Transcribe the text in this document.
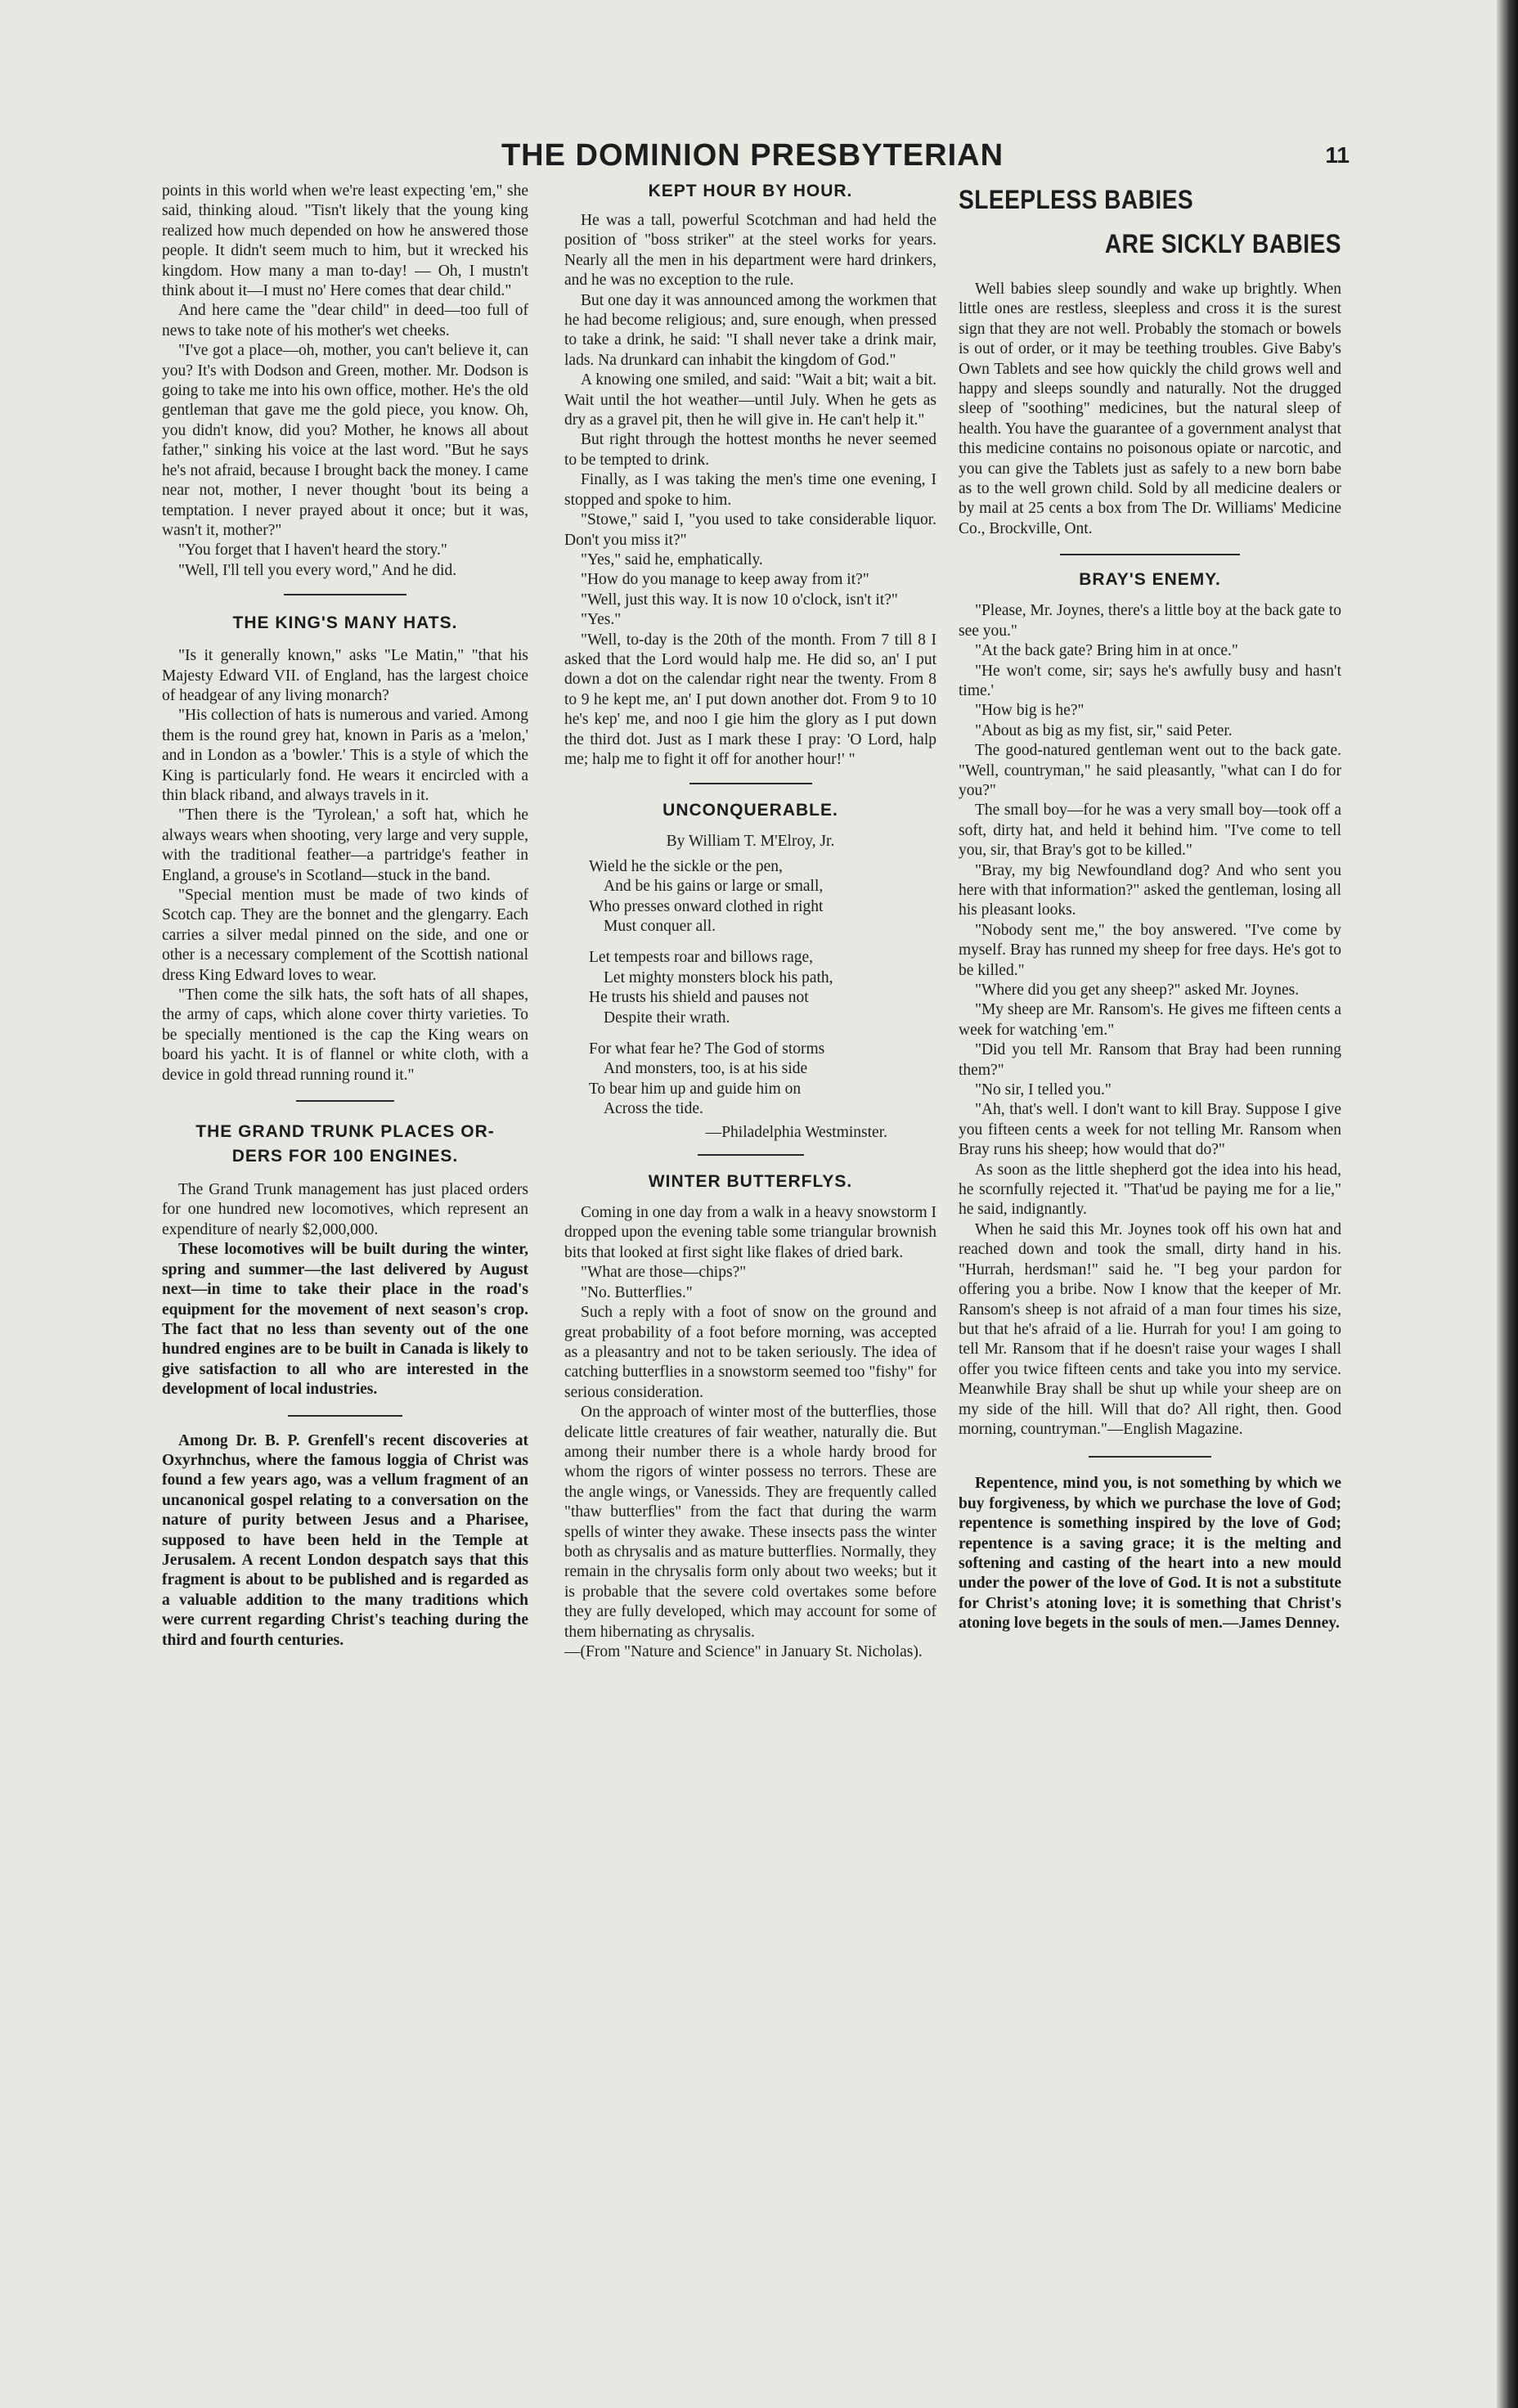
THE DOMINION PRESBYTERIAN	11

points in this world when we're least expecting 'em," she said, thinking aloud. "Tisn't likely that the young king realized how much depended on how he answered those people. It didn't seem much to him, but it wrecked his kingdom. How many a man to-day! — Oh, I mustn't think about it—I must no' Here comes that dear child."

And here came the "dear child" in deed—too full of news to take note of his mother's wet cheeks.

"I've got a place—oh, mother, you can't believe it, can you? It's with Dodson and Green, mother. Mr. Dodson is going to take me into his own office, mother. He's the old gentleman that gave me the gold piece, you know. Oh, you didn't know, did you? Mother, he knows all about father," sinking his voice at the last word. "But he says he's not afraid, because I brought back the money. I came near not, mother, I never thought 'bout its being a temptation. I never prayed about it once; but it was, wasn't it, mother?"

"You forget that I haven't heard the story."

"Well, I'll tell you every word," And he did.

THE KING'S MANY HATS.

"Is it generally known," asks "Le Matin," "that his Majesty Edward VII. of England, has the largest choice of headgear of any living monarch?

"His collection of hats is numerous and varied. Among them is the round grey hat, known in Paris as a 'melon,' and in London as a 'bowler.' This is a style of which the King is particularly fond. He wears it encircled with a thin black riband, and always travels in it.

"Then there is the 'Tyrolean,' a soft hat, which he always wears when shooting, very large and very supple, with the traditional feather—a partridge's feather in England, a grouse's in Scotland—stuck in the band.

"Special mention must be made of two kinds of Scotch cap. They are the bonnet and the glengarry. Each carries a silver medal pinned on the side, and one or other is a necessary complement of the Scottish national dress King Edward loves to wear.

"Then come the silk hats, the soft hats of all shapes, the army of caps, which alone cover thirty varieties. To be specially mentioned is the cap the King wears on board his yacht. It is of flannel or white cloth, with a device in gold thread running round it."

THE GRAND TRUNK PLACES OR-
DERS FOR 100 ENGINES.

The Grand Trunk management has just placed orders for one hundred new locomotives, which represent an expenditure of nearly $2,000,000.

These locomotives will be built during the winter, spring and summer—the last delivered by August next—in time to take their place in the road's equipment for the movement of next season's crop. The fact that no less than seventy out of the one hundred engines are to be built in Canada is likely to give satisfaction to all who are interested in the development of local industries.

Among Dr. B. P. Grenfell's recent discoveries at Oxyrhnchus, where the famous loggia of Christ was found a few years ago, was a vellum fragment of an uncanonical gospel relating to a conversation on the nature of purity between Jesus and a Pharisee, supposed to have been held in the Temple at Jerusalem. A recent London despatch says that this fragment is about to be published and is regarded as a valuable addition to the many traditions which were current regarding Christ's teaching during the third and fourth centuries.

KEPT HOUR BY HOUR.

He was a tall, powerful Scotchman and had held the position of "boss striker" at the steel works for years. Nearly all the men in his department were hard drinkers, and he was no exception to the rule.

But one day it was announced among the workmen that he had become religious; and, sure enough, when pressed to take a drink, he said: "I shall never take a drink mair, lads. Na drunkard can inhabit the kingdom of God."

A knowing one smiled, and said: "Wait a bit; wait a bit. Wait until the hot weather—until July. When he gets as dry as a gravel pit, then he will give in. He can't help it."

But right through the hottest months he never seemed to be tempted to drink.

Finally, as I was taking the men's time one evening, I stopped and spoke to him.

"Stowe," said I, "you used to take considerable liquor. Don't you miss it?"

"Yes," said he, emphatically.

"How do you manage to keep away from it?"

"Well, just this way. It is now 10 o'clock, isn't it?"

"Yes."

"Well, to-day is the 20th of the month. From 7 till 8 I asked that the Lord would halp me. He did so, an' I put down a dot on the calendar right near the twenty. From 8 to 9 he kept me, an' I put down another dot. From 9 to 10 he's kep' me, and noo I gie him the glory as I put down the third dot. Just as I mark these I pray: 'O Lord, halp me; halp me to fight it off for another hour!' "

UNCONQUERABLE.

By William T. M'Elroy, Jr.

Wield he the sickle or the pen,

And be his gains or large or small,

Who presses onward clothed in right

Must conquer all.

Let tempests roar and billows rage,

Let mighty monsters block his path,

He trusts his shield and pauses not

Despite their wrath.

For what fear he? The God of storms

And monsters, too, is at his side

To bear him up and guide him on

Across the tide.

—Philadelphia Westminster.

WINTER BUTTERFLYS.

Coming in one day from a walk in a heavy snowstorm I dropped upon the evening table some triangular brownish bits that looked at first sight like flakes of dried bark.

"What are those—chips?"

"No. Butterflies."

Such a reply with a foot of snow on the ground and great probability of a foot before morning, was accepted as a pleasantry and not to be taken seriously. The idea of catching butterflies in a snowstorm seemed too "fishy" for serious consideration.

On the approach of winter most of the butterflies, those delicate little creatures of fair weather, naturally die. But among their number there is a whole hardy brood for whom the rigors of winter possess no terrors. These are the angle wings, or Vanessids. They are frequently called "thaw butterflies" from the fact that during the warm spells of winter they awake. These insects pass the winter both as chrysalis and as mature butterflies. Normally, they remain in the chrysalis form only about two weeks; but it is probable that the severe cold overtakes some before they are fully developed, which may account for some of them hibernating as chrysalis.

—(From "Nature and Science" in January St. Nicholas).

SLEEPLESS BABIES
ARE SICKLY BABIES

Well babies sleep soundly and wake up brightly. When little ones are restless, sleepless and cross it is the surest sign that they are not well. Probably the stomach or bowels is out of order, or it may be teething troubles. Give Baby's Own Tablets and see how quickly the child grows well and happy and sleeps soundly and naturally. Not the drugged sleep of "soothing" medicines, but the natural sleep of health. You have the guarantee of a government analyst that this medicine contains no poisonous opiate or narcotic, and you can give the Tablets just as safely to a new born babe as to the well grown child. Sold by all medicine dealers or by mail at 25 cents a box from The Dr. Williams' Medicine Co., Brockville, Ont.

BRAY'S ENEMY.

"Please, Mr. Joynes, there's a little boy at the back gate to see you."

"At the back gate? Bring him in at once."

"He won't come, sir; says he's awfully busy and hasn't time.'

"How big is he?"

"About as big as my fist, sir," said Peter.

The good-natured gentleman went out to the back gate. "Well, countryman," he said pleasantly, "what can I do for you?"

The small boy—for he was a very small boy—took off a soft, dirty hat, and held it behind him. "I've come to tell you, sir, that Bray's got to be killed."

"Bray, my big Newfoundland dog? And who sent you here with that information?" asked the gentleman, losing all his pleasant looks.

"Nobody sent me," the boy answered. "I've come by myself. Bray has runned my sheep for free days. He's got to be killed."

"Where did you get any sheep?" asked Mr. Joynes.

"My sheep are Mr. Ransom's. He gives me fifteen cents a week for watching 'em."

"Did you tell Mr. Ransom that Bray had been running them?"

"No sir, I telled you."

"Ah, that's well. I don't want to kill Bray. Suppose I give you fifteen cents a week for not telling Mr. Ransom when Bray runs his sheep; how would that do?"

As soon as the little shepherd got the idea into his head, he scornfully rejected it. "That'ud be paying me for a lie," he said, indignantly.

When he said this Mr. Joynes took off his own hat and reached down and took the small, dirty hand in his. "Hurrah, herdsman!" said he. "I beg your pardon for offering you a bribe. Now I know that the keeper of Mr. Ransom's sheep is not afraid of a man four times his size, but that he's afraid of a lie. Hurrah for you! I am going to tell Mr. Ransom that if he doesn't raise your wages I shall offer you twice fifteen cents and take you into my service. Meanwhile Bray shall be shut up while your sheep are on my side of the hill. Will that do? All right, then. Good morning, countryman."—English Magazine.

Repentence, mind you, is not something by which we buy forgiveness, by which we purchase the love of God; repentence is something inspired by the love of God; repentence is a saving grace; it is the melting and softening and casting of the heart into a new mould under the power of the love of God. It is not a substitute for Christ's atoning love; it is something that Christ's atoning love begets in the souls of men.—James Denney.
